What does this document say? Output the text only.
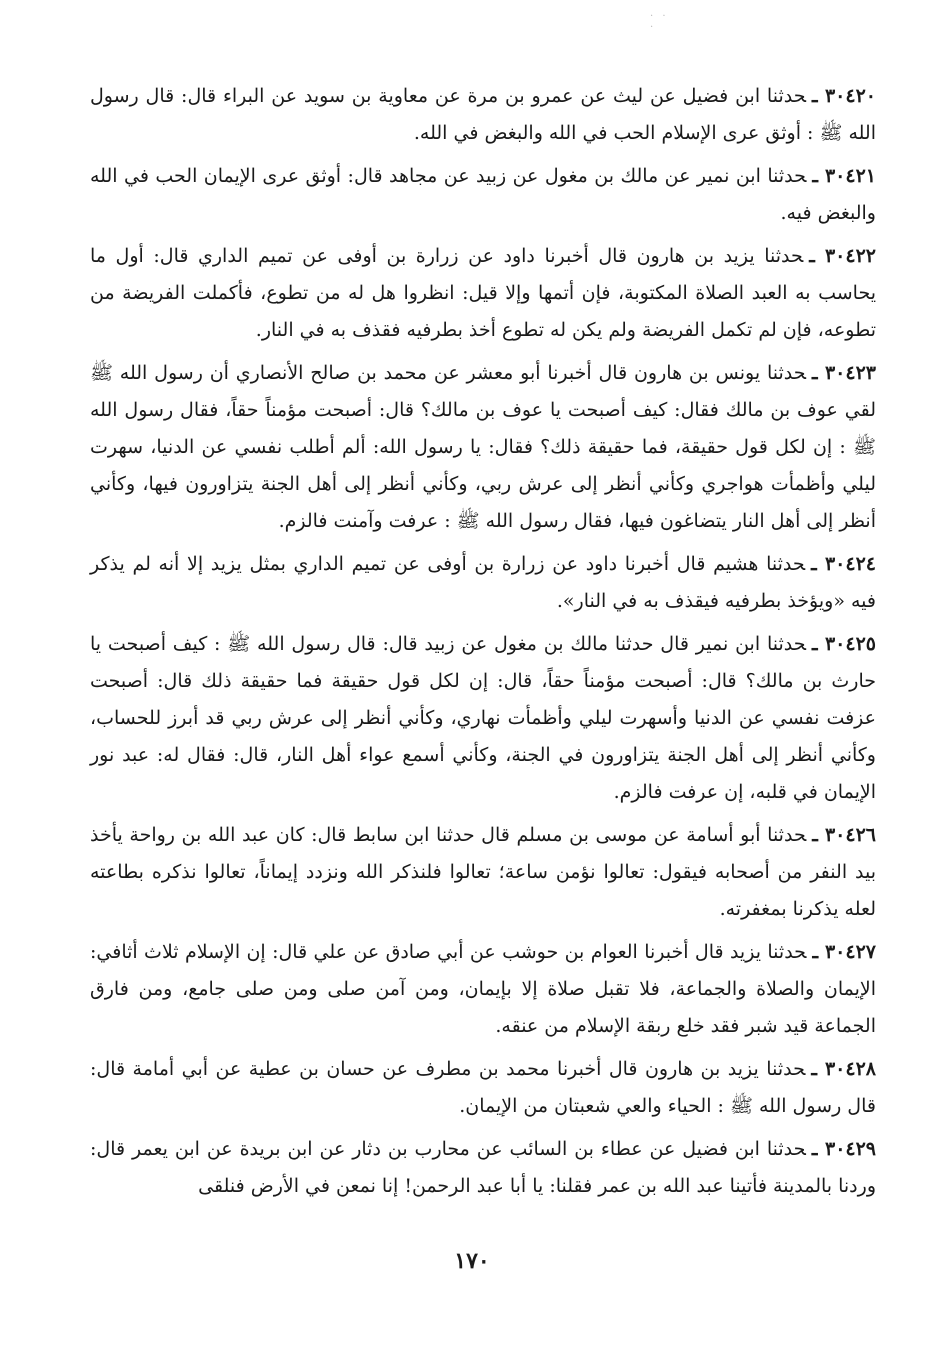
. . .

٣٠٤٢٠ ـحدثنا ابن فضيل عن ليث عن عمرو بن مرة عن معاوية بن سويد عن البراء قال: قال رسول الله ﷺ : أوثق عرى الإسلام الحب في الله والبغض في الله.

٣٠٤٢١ ـحدثنا ابن نمير عن مالك بن مغول عن زبيد عن مجاهد قال: أوثق عرى الإيمان الحب في الله والبغض فيه.

٣٠٤٢٢ ـحدثنا يزيد بن هارون قال أخبرنا داود عن زرارة بن أوفى عن تميم الداري قال: أول ما يحاسب به العبد الصلاة المكتوبة، فإن أتمها وإلا قيل: انظروا هل له من تطوع، فأكملت الفريضة من تطوعه، فإن لم تكمل الفريضة ولم يكن له تطوع أخذ بطرفيه فقذف به في النار.

٣٠٤٢٣ ـحدثنا يونس بن هارون قال أخبرنا أبو معشر عن محمد بن صالح الأنصاري أن رسول الله ﷺ لقي عوف بن مالك فقال: كيف أصبحت يا عوف بن مالك؟ قال: أصبحت مؤمناً حقاً، فقال رسول الله ﷺ : إن لكل قول حقيقة، فما حقيقة ذلك؟ فقال: يا رسول الله: ألم أطلب نفسي عن الدنيا، سهرت ليلي وأظمأت هواجري وكأني أنظر إلى عرش ربي، وكأني أنظر إلى أهل الجنة يتزاورون فيها، وكأني أنظر إلى أهل النار يتضاغون فيها، فقال رسول الله ﷺ : عرفت وآمنت فالزم.

٣٠٤٢٤ ـحدثنا هشيم قال أخبرنا داود عن زرارة بن أوفى عن تميم الداري بمثل يزيد إلا أنه لم يذكر فيه «ويؤخذ بطرفيه فيقذف به في النار».

٣٠٤٢٥ ـحدثنا ابن نمير قال حدثنا مالك بن مغول عن زبيد قال: قال رسول الله ﷺ : كيف أصبحت يا حارث بن مالك؟ قال: أصبحت مؤمناً حقاً، قال: إن لكل قول حقيقة فما حقيقة ذلك قال: أصبحت عزفت نفسي عن الدنيا وأسهرت ليلي وأظمأت نهاري، وكأني أنظر إلى عرش ربي قد أبرز للحساب، وكأني أنظر إلى أهل الجنة يتزاورون في الجنة، وكأني أسمع عواء أهل النار، قال: فقال له: عبد نور الإيمان في قلبه، إن عرفت فالزم.

٣٠٤٢٦ ـحدثنا أبو أسامة عن موسى بن مسلم قال حدثنا ابن سابط قال: كان عبد الله بن رواحة يأخذ بيد النفر من أصحابه فيقول: تعالوا نؤمن ساعة؛ تعالوا فلنذكر الله ونزدد إيماناً، تعالوا نذكره بطاعته لعله يذكرنا بمغفرته.

٣٠٤٢٧ ـحدثنا يزيد قال أخبرنا العوام بن حوشب عن أبي صادق عن علي قال: إن الإسلام ثلاث أثافي: الإيمان والصلاة والجماعة، فلا تقبل صلاة إلا بإيمان، ومن آمن صلى ومن صلى جامع، ومن فارق الجماعة قيد شبر فقد خلع ربقة الإسلام من عنقه.

٣٠٤٢٨ ـحدثنا يزيد بن هارون قال أخبرنا محمد بن مطرف عن حسان بن عطية عن أبي أمامة قال: قال رسول الله ﷺ : الحياء والعي شعبتان من الإيمان.

٣٠٤٢٩ ـحدثنا ابن فضيل عن عطاء بن السائب عن محارب بن دثار عن ابن بريدة عن ابن يعمر قال: وردنا بالمدينة فأتينا عبد الله بن عمر فقلنا: يا أبا عبد الرحمن! إنا نمعن في الأرض فنلقى

١٧٠
